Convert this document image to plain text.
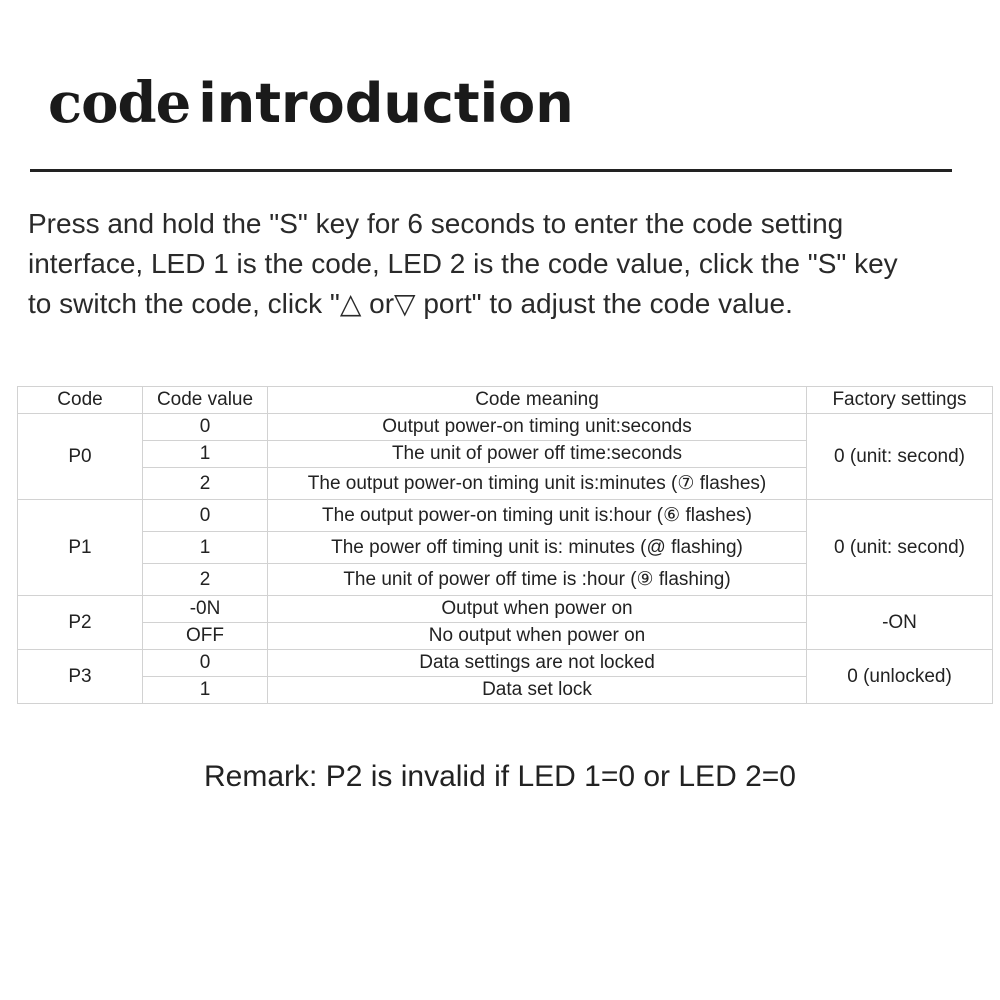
code introduction

Press and hold the "S" key for 6 seconds to enter the code setting
interface, LED 1 is the code, LED 2 is the code value, click the "S" key
to switch the code, click "△ or▽ port" to adjust the code value.

Code	Code value	Code meaning	Factory settings
P0	0	Output power-on timing unit:seconds	0 (unit: second)
	1	The unit of power off time:seconds	
	2	The output power-on timing unit is:minutes (⑦ flashes)	
P1	0	The output power-on timing unit is:hour (⑥ flashes)	0 (unit: second)
	1	The power off timing unit is: minutes (@ flashing)	
	2	The unit of power off time is :hour (⑨ flashing)	
P2	-0N	Output when power on	-ON
	OFF	No output when power on	
P3	0	Data settings are not locked	0 (unlocked)
	1	Data set lock	

Remark: P2 is invalid if LED 1=0 or LED 2=0
